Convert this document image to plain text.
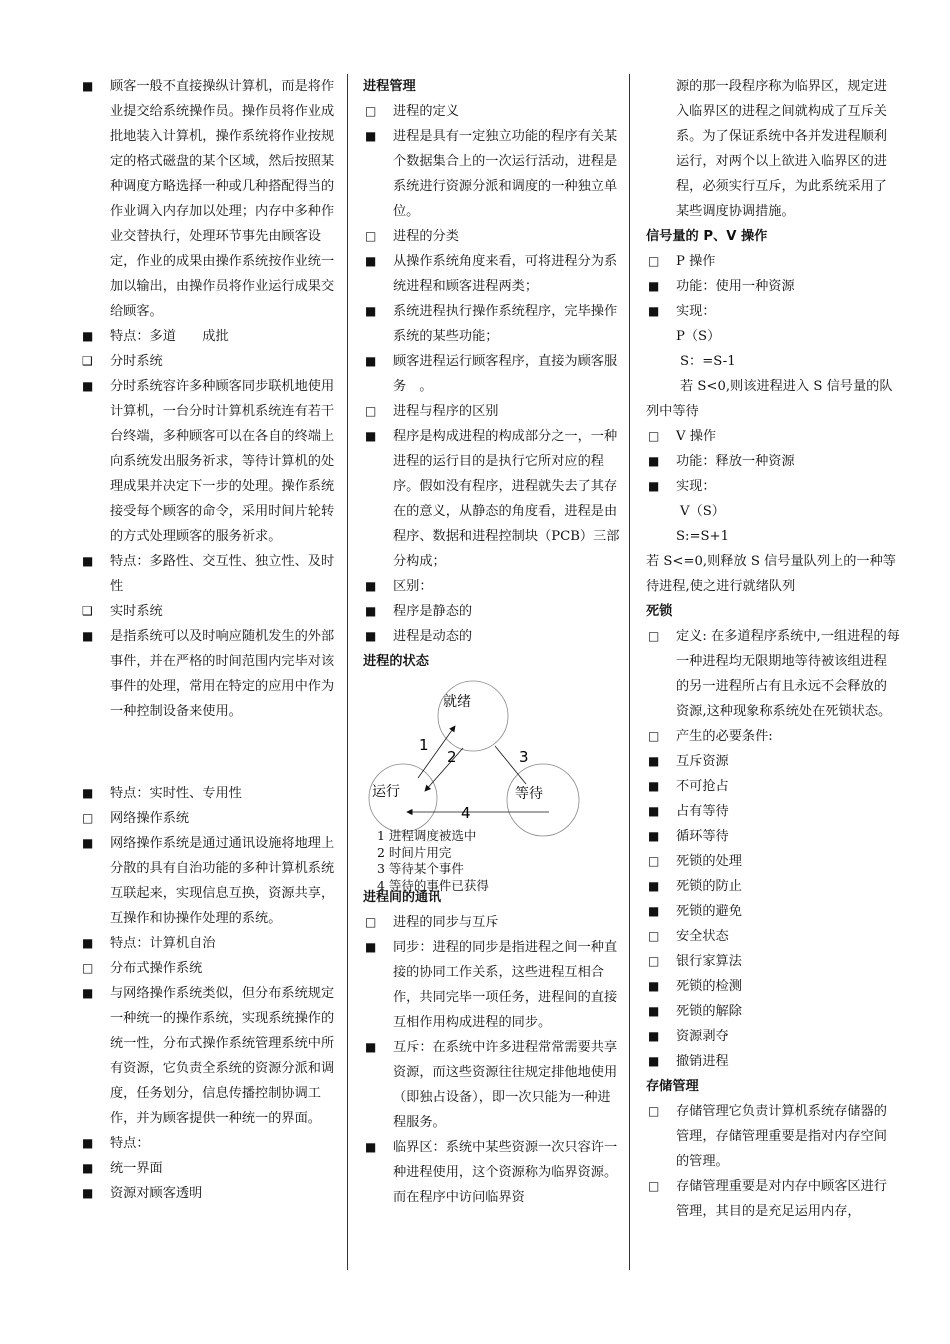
■ 顾客一般不直接操纵计算机，而是将作业提交给系统操作员。操作员将作业成批地装入计算机，操作系统将作业按规定的格式磁盘的某个区域，然后按照某种调度方略选择一种或几种搭配得当的作业调入内存加以处理；内存中多种作业交替执行，处理环节事先由顾客设定，作业的成果由操作系统按作业统一加以输出，由操作员将作业运行成果交给顾客。

■ 特点：多道　　成批

❑ 分时系统

■ 分时系统容许多种顾客同步联机地使用计算机，一台分时计算机系统连有若干台终端，多种顾客可以在各自的终端上向系统发出服务祈求，等待计算机的处理成果并决定下一步的处理。操作系统接受每个顾客的命令，采用时间片轮转的方式处理顾客的服务祈求。

■ 特点：多路性、交互性、独立性、及时性

❑ 实时系统

■ 是指系统可以及时响应随机发生的外部事件，并在严格的时间范围内完毕对该事件的处理，常用在特定的应用中作为一种控制设备来使用。

■ 特点：实时性、专用性

□ 网络操作系统

■ 网络操作系统是通过通讯设施将地理上分散的具有自治功能的多种计算机系统互联起来，实现信息互换，资源共享，互操作和协操作处理的系统。

■ 特点：计算机自治

□ 分布式操作系统

■ 与网络操作系统类似，但分布系统规定一种统一的操作系统，实现系统操作的统一性，分布式操作系统管理系统中所有资源，它负责全系统的资源分派和调度，任务划分，信息传播控制协调工作，并为顾客提供一种统一的界面。

■ 特点：

■ 统一界面

■ 资源对顾客透明

进程管理

□ 进程的定义

■ 进程是具有一定独立功能的程序有关某个数据集合上的一次运行活动，进程是系统进行资源分派和调度的一种独立单位。

□ 进程的分类

■ 从操作系统角度来看，可将进程分为系统进程和顾客进程两类；

■ 系统进程执行操作系统程序，完毕操作系统的某些功能；

■ 顾客进程运行顾客程序，直接为顾客服务　。

□ 进程与程序的区别

■ 程序是构成进程的构成部分之一，一种进程的运行目的是执行它所对应的程序。假如没有程序，进程就失去了其存在的意义，从静态的角度看，进程是由程序、数据和进程控制块（PCB）三部分构成；

■ 区别：

■ 程序是静态的

■ 进程是动态的

进程的状态

就绪
运行	等待
1
2	3
4
1 进程调度被选中
2 时间片用完
3 等待某个事件
4 等待的事件已获得
进程间的通讯

□ 进程的同步与互斥

■ 同步：进程的同步是指进程之间一种直接的协同工作关系，这些进程互相合作，共同完毕一项任务，进程间的直接互相作用构成进程的同步。

■ 互斥：在系统中许多进程常常需要共享资源，而这些资源往往规定排他地使用（即独占设备），即一次只能为一种进程服务。

■ 临界区：系统中某些资源一次只容许一种进程使用，这个资源称为临界资源。而在程序中访问临界资

源的那一段程序称为临界区，规定进入临界区的进程之间就构成了互斥关系。为了保证系统中各并发进程顺利运行，对两个以上欲进入临界区的进程，必须实行互斥，为此系统采用了某些调度协调措施。

信号量的 P、V 操作

□ P 操作

■ 功能：使用一种资源

■ 实现：

P（S）

S：=S-1

若 S<0,则该进程进入 S 信号量的队列中等待

□ V 操作

■ 功能：释放一种资源

■ 实现：

V（S）

S:=S+1

若 S<=0,则释放 S 信号量队列上的一种等待进程,使之进行就绪队列

死锁

□ 定义: 在多道程序系统中,一组进程的每一种进程均无限期地等待被该组进程的另一进程所占有且永远不会释放的资源,这种现象称系统处在死锁状态。

□ 产生的必要条件:

■ 互斥资源

■ 不可抢占

■ 占有等待

■ 循环等待

□ 死锁的处理

■ 死锁的防止

■ 死锁的避免

□ 安全状态

□ 银行家算法

■ 死锁的检测

■ 死锁的解除

■ 资源剥夺

■ 撤销进程

存储管理

□ 存储管理它负责计算机系统存储器的管理，存储管理重要是指对内存空间的管理。

□ 存储管理重要是对内存中顾客区进行管理，其目的是充足运用内存，
